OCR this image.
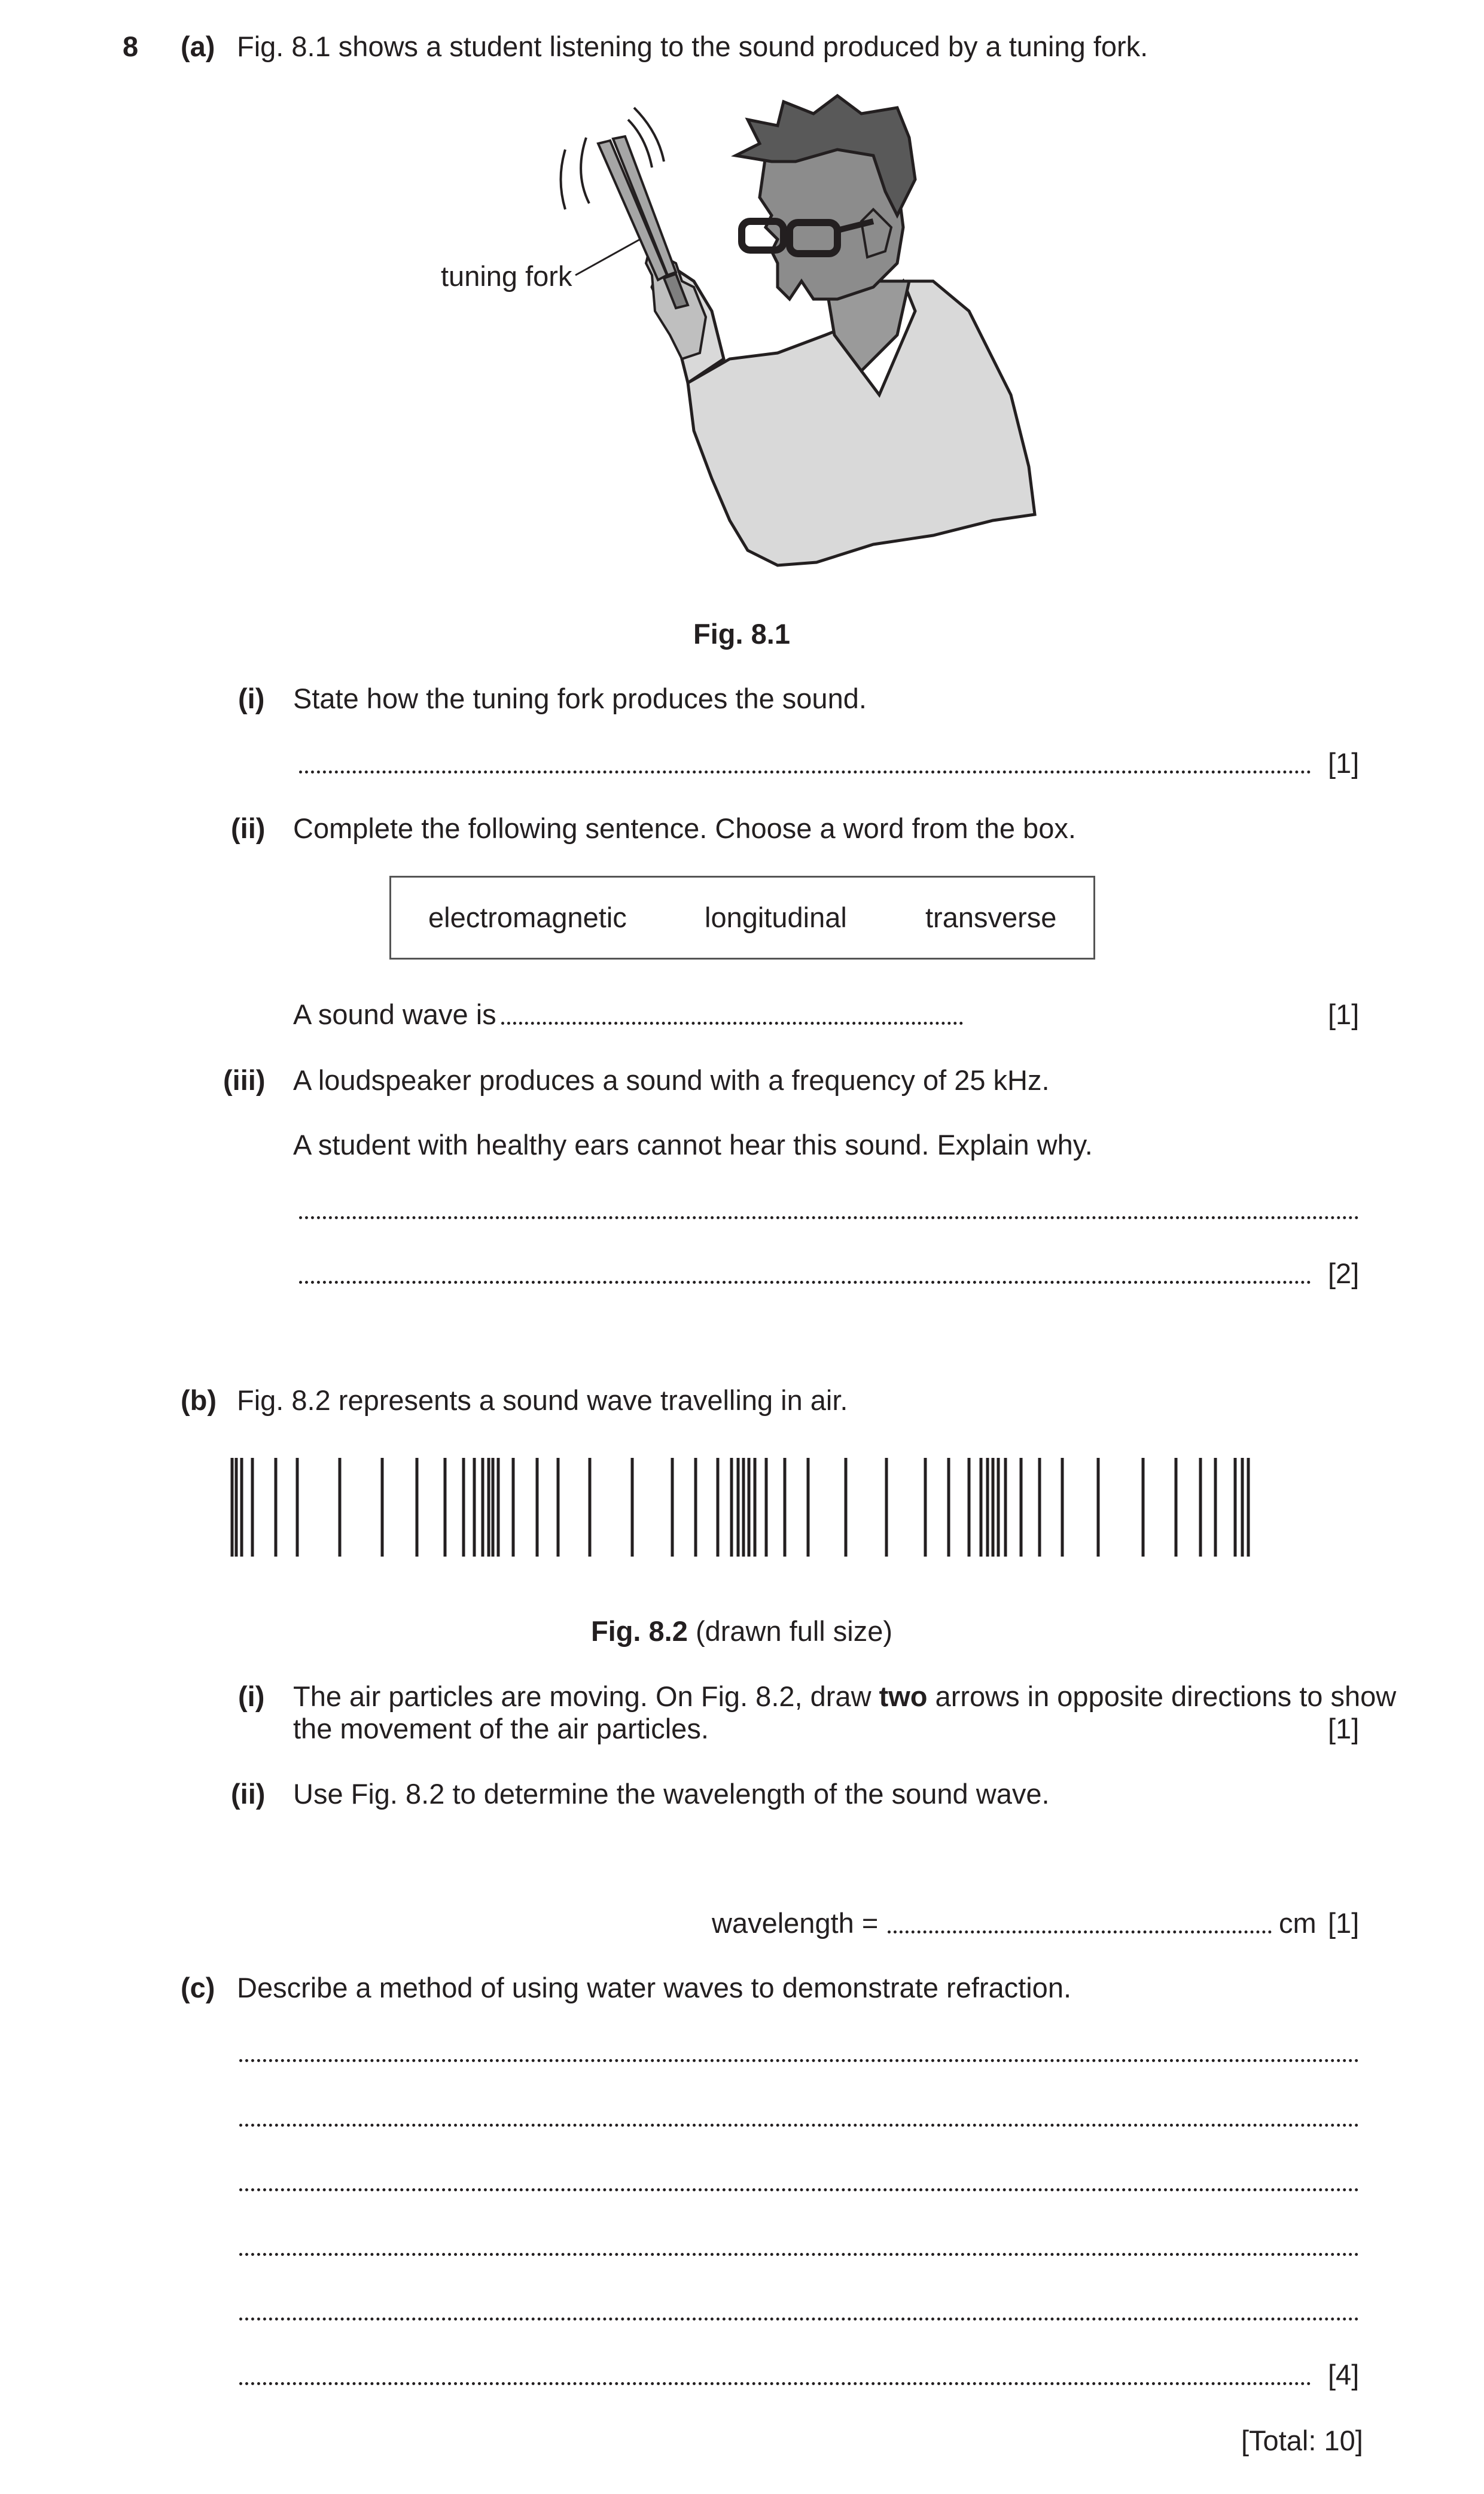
8 (a) Fig. 8.1 shows a student listening to the sound produced by a tuning fork.
tuning fork
Fig. 8.1
(i) State how the tuning fork produces the sound.
[1]
(ii) Complete the following sentence. Choose a word from the box.
electromagnetic	longitudinal	transverse
A sound wave is	[1]
(iii) A loudspeaker produces a sound with a frequency of 25 kHz.
A student with healthy ears cannot hear this sound. Explain why.
[2]
(b) Fig. 8.2 represents a sound wave travelling in air.
Fig. 8.2 (drawn full size)
(i) The air particles are moving. On Fig. 8.2, draw two arrows in opposite directions to show
the movement of the air particles.	[1]
(ii) Use Fig. 8.2 to determine the wavelength of the sound wave.
wavelength =	cm [1]
(c) Describe a method of using water waves to demonstrate refraction.
[4]
[Total: 10]
